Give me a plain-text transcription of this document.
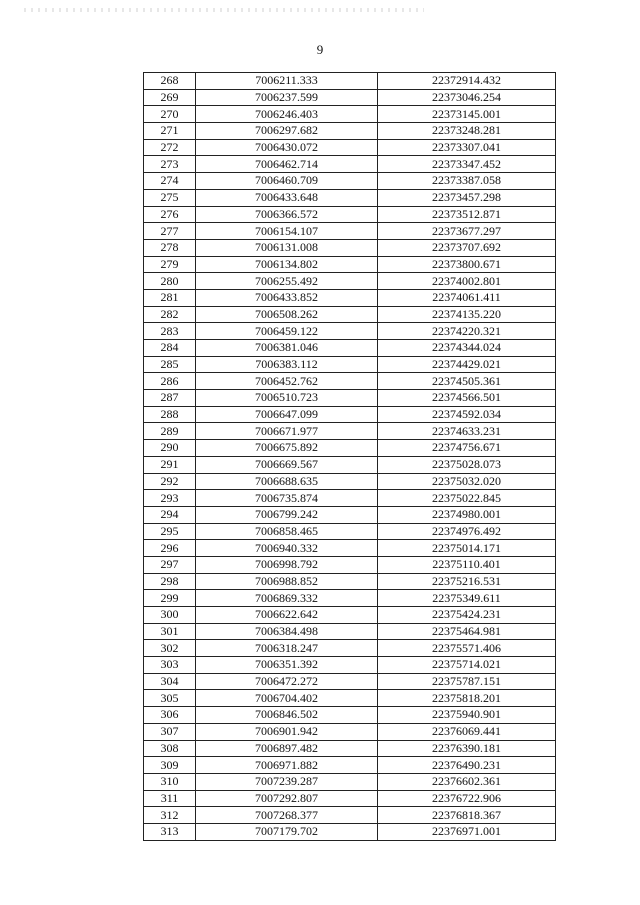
9
268	7006211.333	22372914.432
269	7006237.599	22373046.254
270	7006246.403	22373145.001
271	7006297.682	22373248.281
272	7006430.072	22373307.041
273	7006462.714	22373347.452
274	7006460.709	22373387.058
275	7006433.648	22373457.298
276	7006366.572	22373512.871
277	7006154.107	22373677.297
278	7006131.008	22373707.692
279	7006134.802	22373800.671
280	7006255.492	22374002.801
281	7006433.852	22374061.411
282	7006508.262	22374135.220
283	7006459.122	22374220.321
284	7006381.046	22374344.024
285	7006383.112	22374429.021
286	7006452.762	22374505.361
287	7006510.723	22374566.501
288	7006647.099	22374592.034
289	7006671.977	22374633.231
290	7006675.892	22374756.671
291	7006669.567	22375028.073
292	7006688.635	22375032.020
293	7006735.874	22375022.845
294	7006799.242	22374980.001
295	7006858.465	22374976.492
296	7006940.332	22375014.171
297	7006998.792	22375110.401
298	7006988.852	22375216.531
299	7006869.332	22375349.611
300	7006622.642	22375424.231
301	7006384.498	22375464.981
302	7006318.247	22375571.406
303	7006351.392	22375714.021
304	7006472.272	22375787.151
305	7006704.402	22375818.201
306	7006846.502	22375940.901
307	7006901.942	22376069.441
308	7006897.482	22376390.181
309	7006971.882	22376490.231
310	7007239.287	22376602.361
311	7007292.807	22376722.906
312	7007268.377	22376818.367
313	7007179.702	22376971.001
